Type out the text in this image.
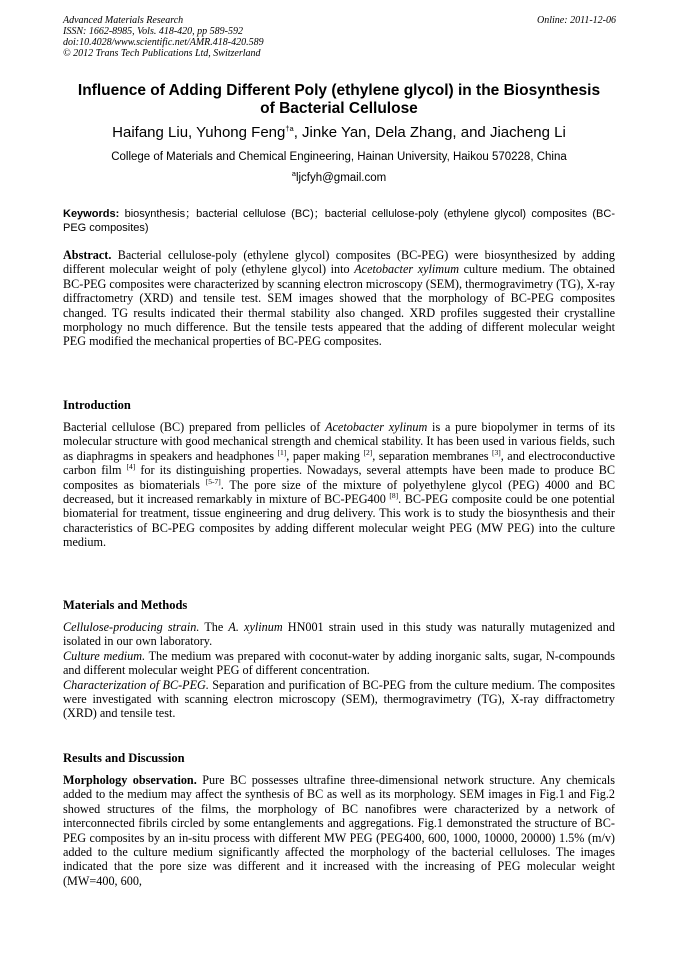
Advanced Materials Research
ISSN: 1662-8985, Vols. 418-420, pp 589-592
doi:10.4028/www.scientific.net/AMR.418-420.589
© 2012 Trans Tech Publications Ltd, Switzerland
Online: 2011-12-06
Influence of Adding Different Poly (ethylene glycol) in the Biosynthesis
of Bacterial Cellulose
Haifang Liu, Yuhong Feng$^{\dagger a}$, Jinke Yan, Dela Zhang, and Jiacheng Li
College of Materials and Chemical Engineering, Hainan University, Haikou 570228, China
$^a$ljcfyh@gmail.com
Keywords: biosynthesis；bacterial cellulose (BC)；bacterial cellulose-poly (ethylene glycol) composites (BC-PEG composites)

Abstract. Bacterial cellulose-poly (ethylene glycol) composites (BC-PEG) were biosynthesized by adding different molecular weight of poly (ethylene glycol) into Acetobacter xylimum culture medium. The obtained BC-PEG composites were characterized by scanning electron microscopy (SEM), thermogravimetry (TG), X-ray diffractometry (XRD) and tensile test. SEM images showed that the morphology of BC-PEG composites changed. TG results indicated their thermal stability also changed. XRD profiles suggested their crystalline morphology no much difference. But the tensile tests appeared that the adding of different molecular weight PEG modified the mechanical properties of BC-PEG composites.

Introduction

Bacterial cellulose (BC) prepared from pellicles of Acetobacter xylinum is a pure biopolymer in terms of its molecular structure with good mechanical strength and chemical stability. It has been used in various fields, such as diaphragms in speakers and headphones [1], paper making [2], separation membranes [3], and electroconductive carbon film [4] for its distinguishing properties. Nowadays, several attempts have been made to produce BC composites as biomaterials [5-7]. The pore size of the mixture of polyethylene glycol (PEG) 4000 and BC decreased, but it increased remarkably in mixture of BC-PEG400 [8]. BC-PEG composite could be one potential biomaterial for treatment, tissue engineering and drug delivery. This work is to study the biosynthesis and their characteristics of BC-PEG composites by adding different molecular weight PEG (MW PEG) into the culture medium.

Materials and Methods

Cellulose-producing strain. The A. xylinum HN001 strain used in this study was naturally mutagenized and isolated in our own laboratory.

Culture medium. The medium was prepared with coconut-water by adding inorganic salts, sugar, N-compounds and different molecular weight PEG of different concentration.

Characterization of BC-PEG. Separation and purification of BC-PEG from the culture medium. The composites were investigated with scanning electron microscopy (SEM), thermogravimetry (TG), X-ray diffractometry (XRD) and tensile test.

Results and Discussion

Morphology observation. Pure BC possesses ultrafine three-dimensional network structure. Any chemicals added to the medium may affect the synthesis of BC as well as its morphology. SEM images in Fig.1 and Fig.2 showed structures of the films, the morphology of BC nanofibres were characterized by a network of interconnected fibrils circled by some entanglements and aggregations. Fig.1 demonstrated the structure of BC-PEG composites by an in-situ process with different MW PEG (PEG400, 600, 1000, 10000, 20000) 1.5% (m/v) added to the culture medium significantly affected the morphology of the bacterial celluloses. The images indicated that the pore size was different and it increased with the increasing of PEG molecular weight (MW=400, 600,
